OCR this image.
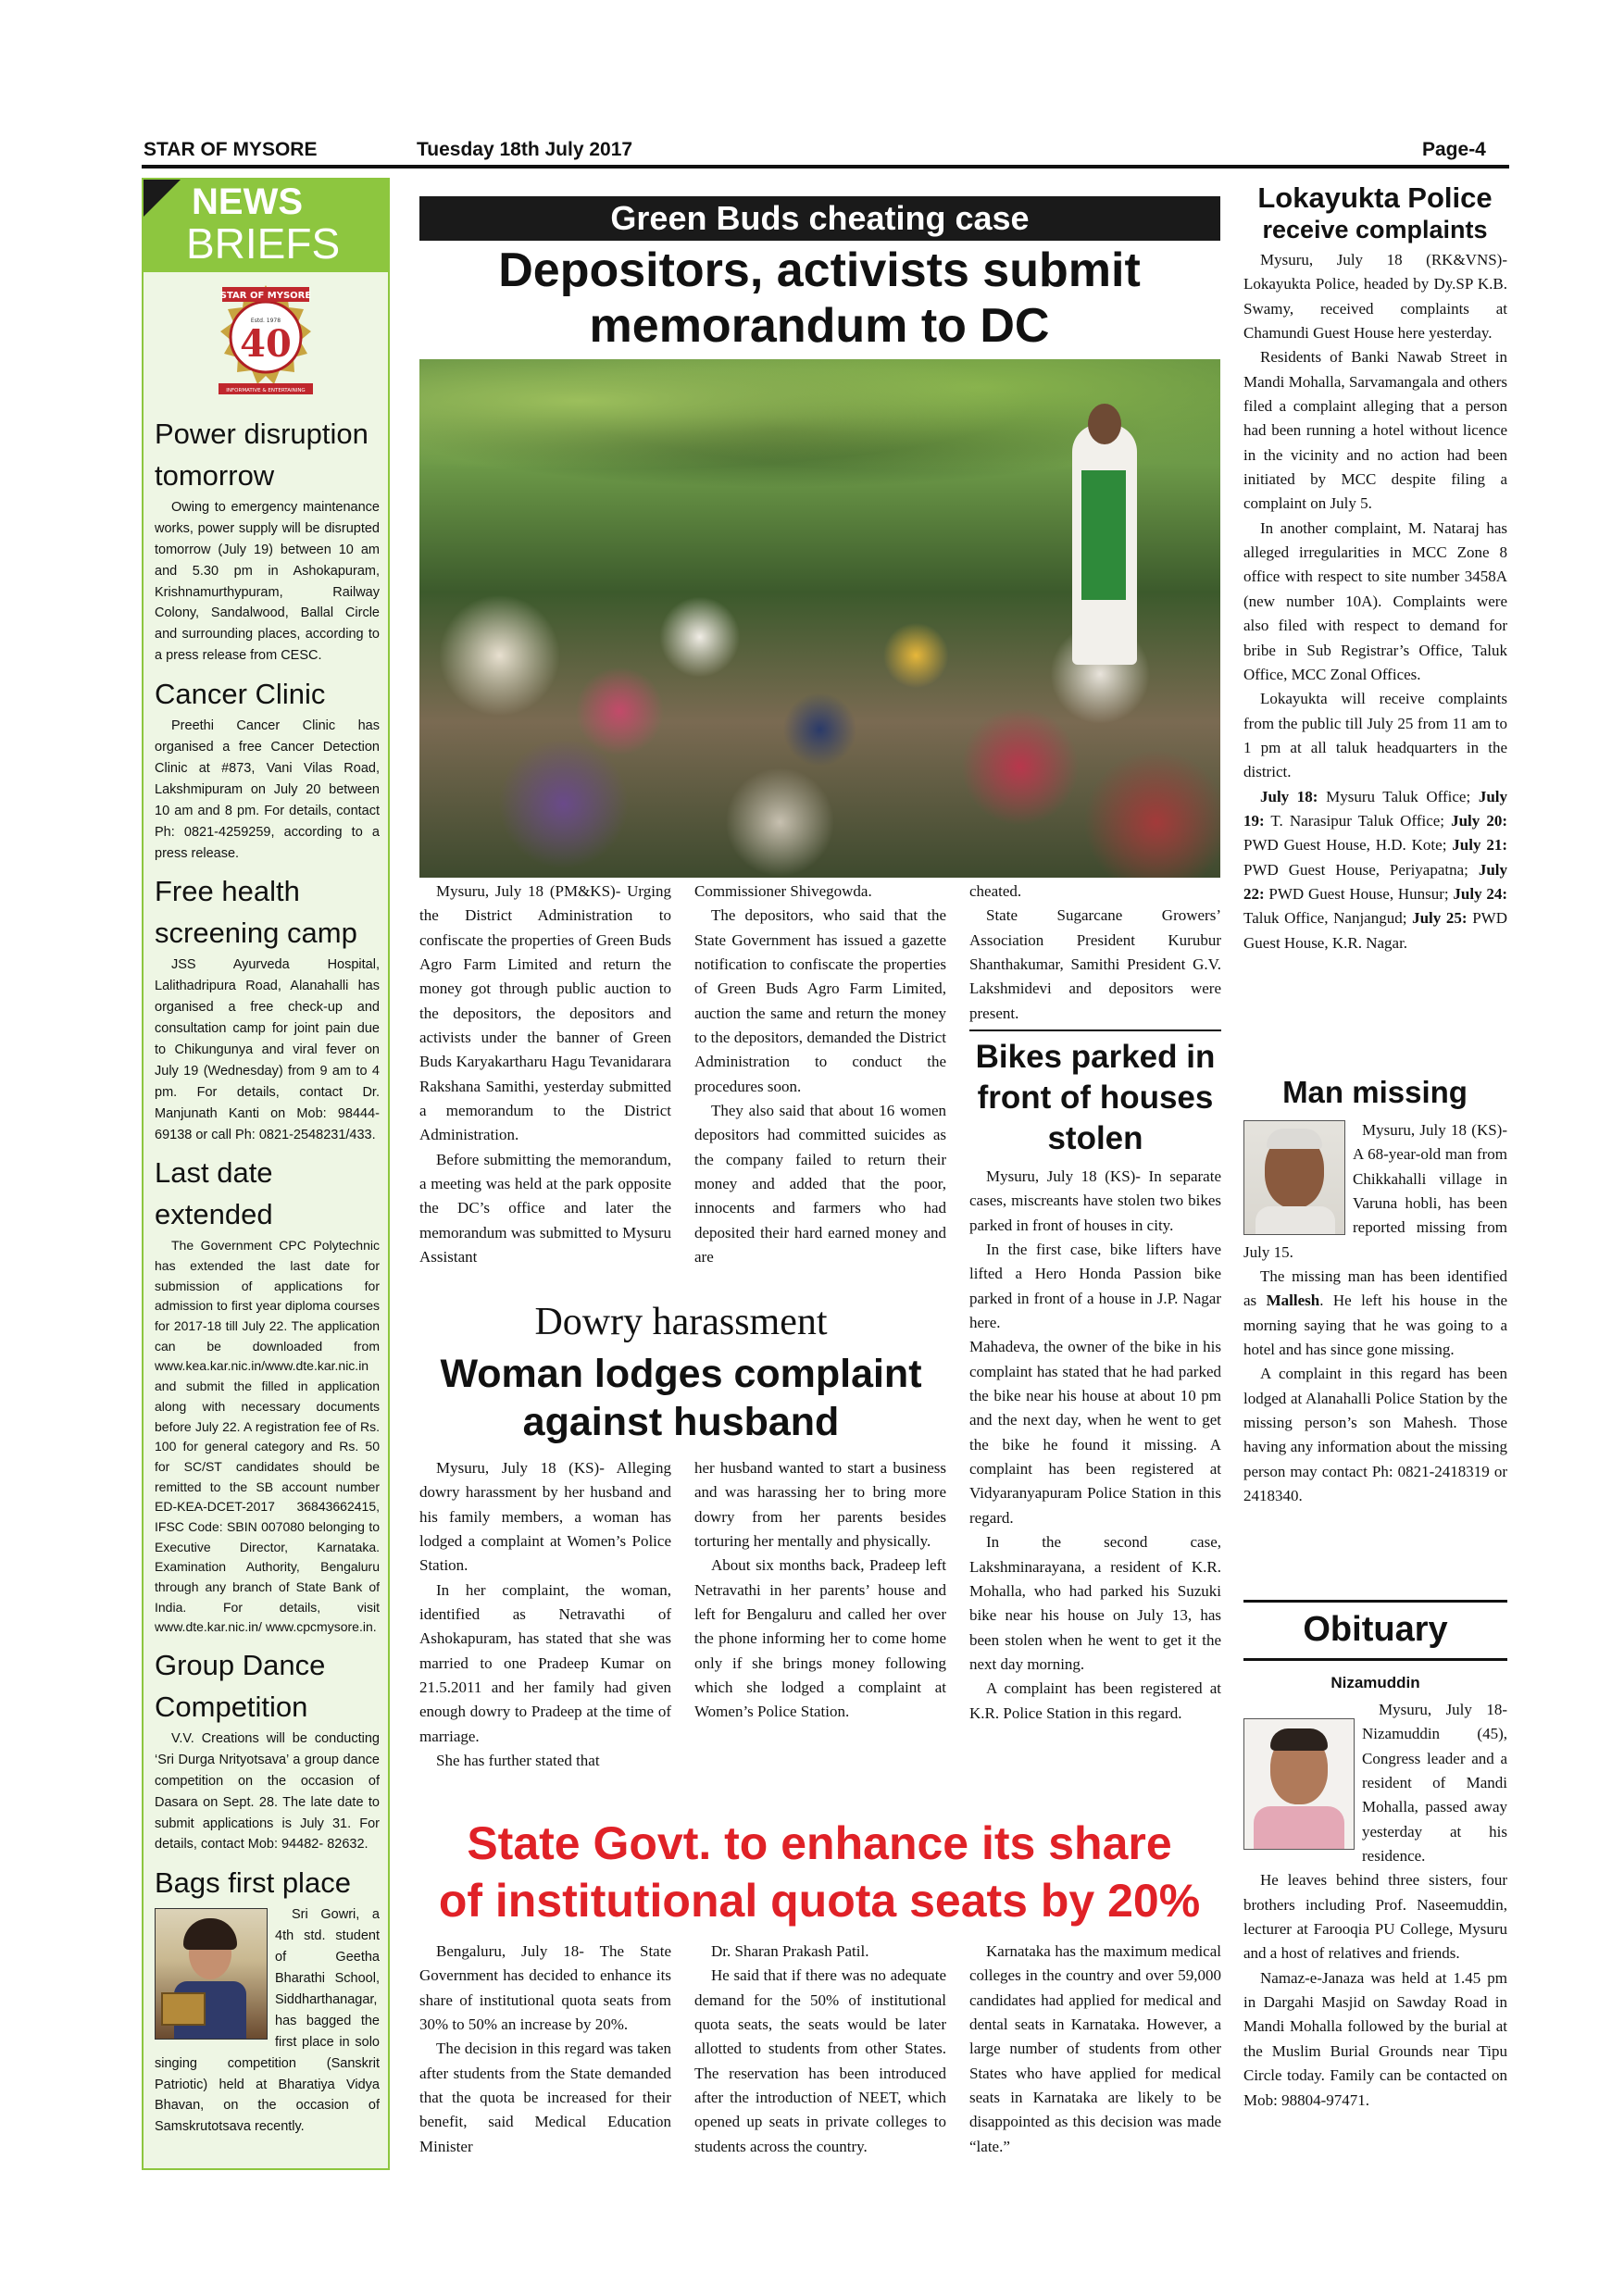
STAR OF MYSORE	Tuesday 18th July 2017	Page-4
NEWS
BRIEFS
STAR OF MYSORE
Estd. 1978
40
INFORMATIVE & ENTERTAINING
Power disruption
tomorrow

Owing to emergency maintenance works, power supply will be disrupted tomorrow (July 19) between 10 am and 5.30 pm in Ashokapuram, Krishnamurthypuram, Railway Colony, Sandalwood, Ballal Circle and surrounding places, according to a press release from CESC.

Cancer Clinic

Preethi Cancer Clinic has organised a free Cancer Detection Clinic at #873, Vani Vilas Road, Lakshmipuram on July 20 between 10 am and 8 pm. For details, contact Ph: 0821-4259259, according to a press release.

Free health
screening camp

JSS Ayurveda Hospital, Lalithadripura Road, Alanahalli has organised a free check-up and consultation camp for joint pain due to Chikungunya and viral fever on July 19 (Wednesday) from 9 am to 4 pm. For details, contact Dr. Manjunath Kanti on Mob: 98444-69138 or call Ph: 0821-2548231/433.

Last date extended

The Government CPC Polytechnic has extended the last date for submission of applications for admission to first year diploma courses for 2017-18 till July 22. The application can be downloaded from www.kea.kar.nic.in/www.dte.kar.nic.in and submit the filled in application along with necessary documents before July 22. A registration fee of Rs. 100 for general category and Rs. 50 for SC/ST candidates should be remitted to the SB account number ED-KEA-DCET-2017 36843662415, IFSC Code: SBIN 007080 belonging to Executive Director, Karnataka. Examination Authority, Bengaluru through any branch of State Bank of India. For details, visit www.dte.kar.nic.in/ www.cpcmysore.in.

Group Dance
Competition

V.V. Creations will be conducting ‘Sri Durga Nrityotsava’ a group dance competition on the occasion of Dasara on Sept. 28. The late date to submit applications is July 31. For details, contact Mob: 94482- 82632.

Bags first place

Sri Gowri, a 4th std. student of Geetha Bharathi School, Siddharthanagar, has bagged the first place in solo singing competition (Sanskrit Patriotic) held at Bharatiya Vidya Bhavan, on the occasion of Samskrutotsava recently.

Green Buds cheating case
Depositors, activists submit
memorandum to DC

Mysuru, July 18 (PM&KS)- Urging the District Administration to confiscate the properties of Green Buds Agro Farm Limited and return the money got through public auction to the depositors, the depositors and activists under the banner of Green Buds Karyakartharu Hagu Tevanidarara Rakshana Samithi, yesterday submitted a memorandum to the District Administration.

Before submitting the memorandum, a meeting was held at the park opposite the DC’s office and later the memorandum was submitted to Mysuru Assistant

Commissioner Shivegowda.

The depositors, who said that the State Government has issued a gazette notification to confiscate the properties of Green Buds Agro Farm Limited, auction the same and return the money to the depositors, demanded the District Administration to conduct the procedures soon.

They also said that about 16 women depositors had committed suicides as the company failed to return their money and added that the poor, innocents and farmers who had deposited their hard earned money and are

cheated.

State Sugarcane Growers’ Association President Kurubur Shanthakumar, Samithi President G.V. Lakshmidevi and depositors were present.

Bikes parked in front of houses stolen

Mysuru, July 18 (KS)- In separate cases, miscreants have stolen two bikes parked in front of houses in city.

In the first case, bike lifters have lifted a Hero Honda Passion bike parked in front of a house in J.P. Nagar here.

Mahadeva, the owner of the bike in his complaint has stated that he had parked the bike near his house at about 10 pm and the next day, when he went to get the bike he found it missing. A complaint has been registered at Vidyaranyapuram Police Station in this regard.

In the second case, Lakshminarayana, a resident of K.R. Mohalla, who had parked his Suzuki bike near his house on July 13, has been stolen when he went to get it the next day morning.

A complaint has been registered at K.R. Police Station in this regard.

Dowry harassment
Woman lodges complaint
against husband

Mysuru, July 18 (KS)- Alleging dowry harassment by her husband and his family members, a woman has lodged a complaint at Women’s Police Station.

In her complaint, the woman, identified as Netravathi of Ashokapuram, has stated that she was married to one Pradeep Kumar on 21.5.2011 and her family had given enough dowry to Pradeep at the time of marriage.

She has further stated that

her husband wanted to start a business and was harassing her to bring more dowry from her parents besides torturing her mentally and physically.

About six months back, Pradeep left Netravathi in her parents’ house and left for Bengaluru and called her over the phone informing her to come home only if she brings money following which she lodged a complaint at Women’s Police Station.

State Govt. to enhance its share
of institutional quota seats by 20%

Bengaluru, July 18- The State Government has decided to enhance its share of institutional quota seats from 30% to 50% an increase by 20%.

The decision in this regard was taken after students from the State demanded that the quota be increased for their benefit, said Medical Education Minister

Dr. Sharan Prakash Patil.

He said that if there was no adequate demand for the 50% of institutional quota seats, the seats would be later allotted to students from other States. The reservation has been introduced after the introduction of NEET, which opened up seats in private colleges to students across the country.

Karnataka has the maximum medical colleges in the country and over 59,000 candidates had applied for medical and dental seats in Karnataka. However, a large number of students from other States who have applied for medical seats in Karnataka are likely to be disappointed as this decision was made “late.”

Lokayukta Police
receive complaints

Mysuru, July 18 (RK&VNS)- Lokayukta Police, headed by Dy.SP K.B. Swamy, received complaints at Chamundi Guest House here yesterday.

Residents of Banki Nawab Street in Mandi Mohalla, Sarvamangala and others filed a complaint alleging that a person had been running a hotel without licence in the vicinity and no action had been initiated by MCC despite filing a complaint on July 5.

In another complaint, M. Nataraj has alleged irregularities in MCC Zone 8 office with respect to site number 3458A (new number 10A). Complaints were also filed with respect to demand for bribe in Sub Registrar’s Office, Taluk Office, MCC Zonal Offices.

Lokayukta will receive complaints from the public till July 25 from 11 am to 1 pm at all taluk headquarters in the district.

July 18: Mysuru Taluk Office; July 19: T. Narasipur Taluk Office; July 20: PWD Guest House, H.D. Kote; July 21: PWD Guest House, Periyapatna; July 22: PWD Guest House, Hunsur; July 24: Taluk Office, Nanjangud; July 25: PWD Guest House, K.R. Nagar.

Man missing

Mysuru, July 18 (KS)- A 68-year-old man from Chikkahalli village in Varuna hobli, has been reported missing from July 15.

The missing man has been identified as Mallesh. He left his house in the morning saying that he was going to a hotel and has since gone missing.

A complaint in this regard has been lodged at Alanahalli Police Station by the missing person’s son Mahesh. Those having any information about the missing person may contact Ph: 0821-2418319 or 2418340.

Obituary
Nizamuddin

Mysuru, July 18- Nizamuddin (45), Congress leader and a resident of Mandi Mohalla, passed away yesterday at his residence.

He leaves behind three sisters, four brothers including Prof. Naseemuddin, lecturer at Farooqia PU College, Mysuru and a host of relatives and friends.

Namaz-e-Janaza was held at 1.45 pm in Dargahi Masjid on Sawday Road in Mandi Mohalla followed by the burial at the Muslim Burial Grounds near Tipu Circle today. Family can be contacted on Mob: 98804-97471.
